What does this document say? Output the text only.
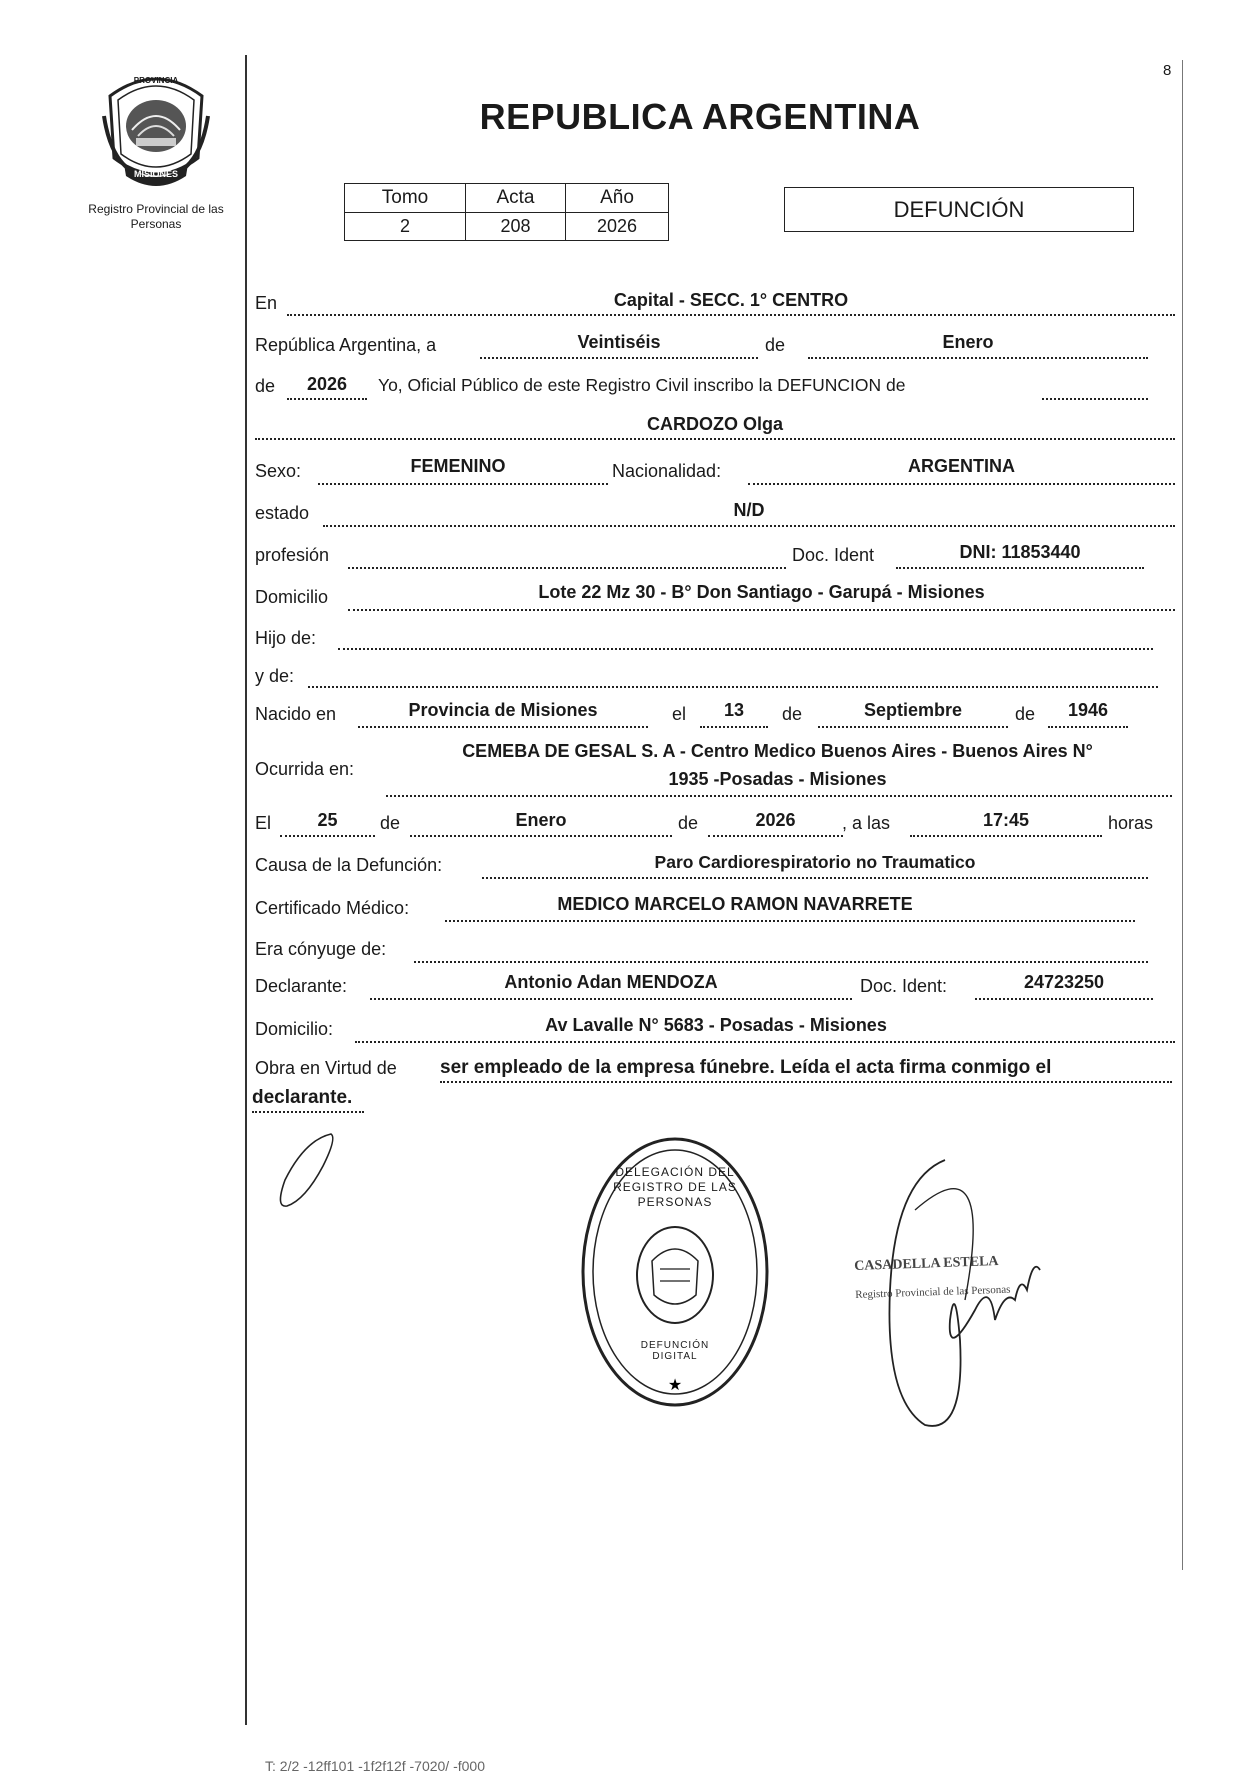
PROVINCIA
MISIONES
Registro Provincial de las Personas
8
REPUBLICA ARGENTINA
Tomo	Acta	Año
2	208	2026
DEFUNCIÓN
En	Capital - SECC. 1° CENTRO
República Argentina, a	Veintiséis	de	Enero
de	2026	Yo, Oficial Público de este Registro Civil inscribo la DEFUNCION de
CARDOZO Olga
Sexo:	FEMENINO	Nacionalidad:	ARGENTINA
estado	N/D
profesión	Doc. Ident	DNI: 11853440
Domicilio	Lote 22 Mz 30 - B° Don Santiago - Garupá - Misiones
Hijo de:
y de:
Nacido en	Provincia de Misiones	el	13	de	Septiembre	de	1946
Ocurrida en:
CEMEBA DE GESAL S. A - Centro Medico Buenos Aires - Buenos Aires N°
1935 -Posadas - Misiones
El	25	de	Enero	de	2026	, a las	17:45	horas
Causa de la Defunción:	Paro Cardiorespiratorio no Traumatico
Certificado Médico:	MEDICO MARCELO RAMON NAVARRETE
Era cónyuge de:
Declarante:	Antonio Adan MENDOZA	Doc. Ident:	24723250
Domicilio:	Av Lavalle N° 5683 - Posadas - Misiones
Obra en Virtud de ser empleado de la empresa fúnebre. Leída el acta firma conmigo el
declarante.
★
DELEGACIÓN DEL REGISTRO DE LAS PERSONAS
DEFUNCIÓN DIGITAL
CASADELLA ESTELA
Registro Provincial de las Personas
T: 2/2 -12ff101 -1f2f12f -7020/ -f000
